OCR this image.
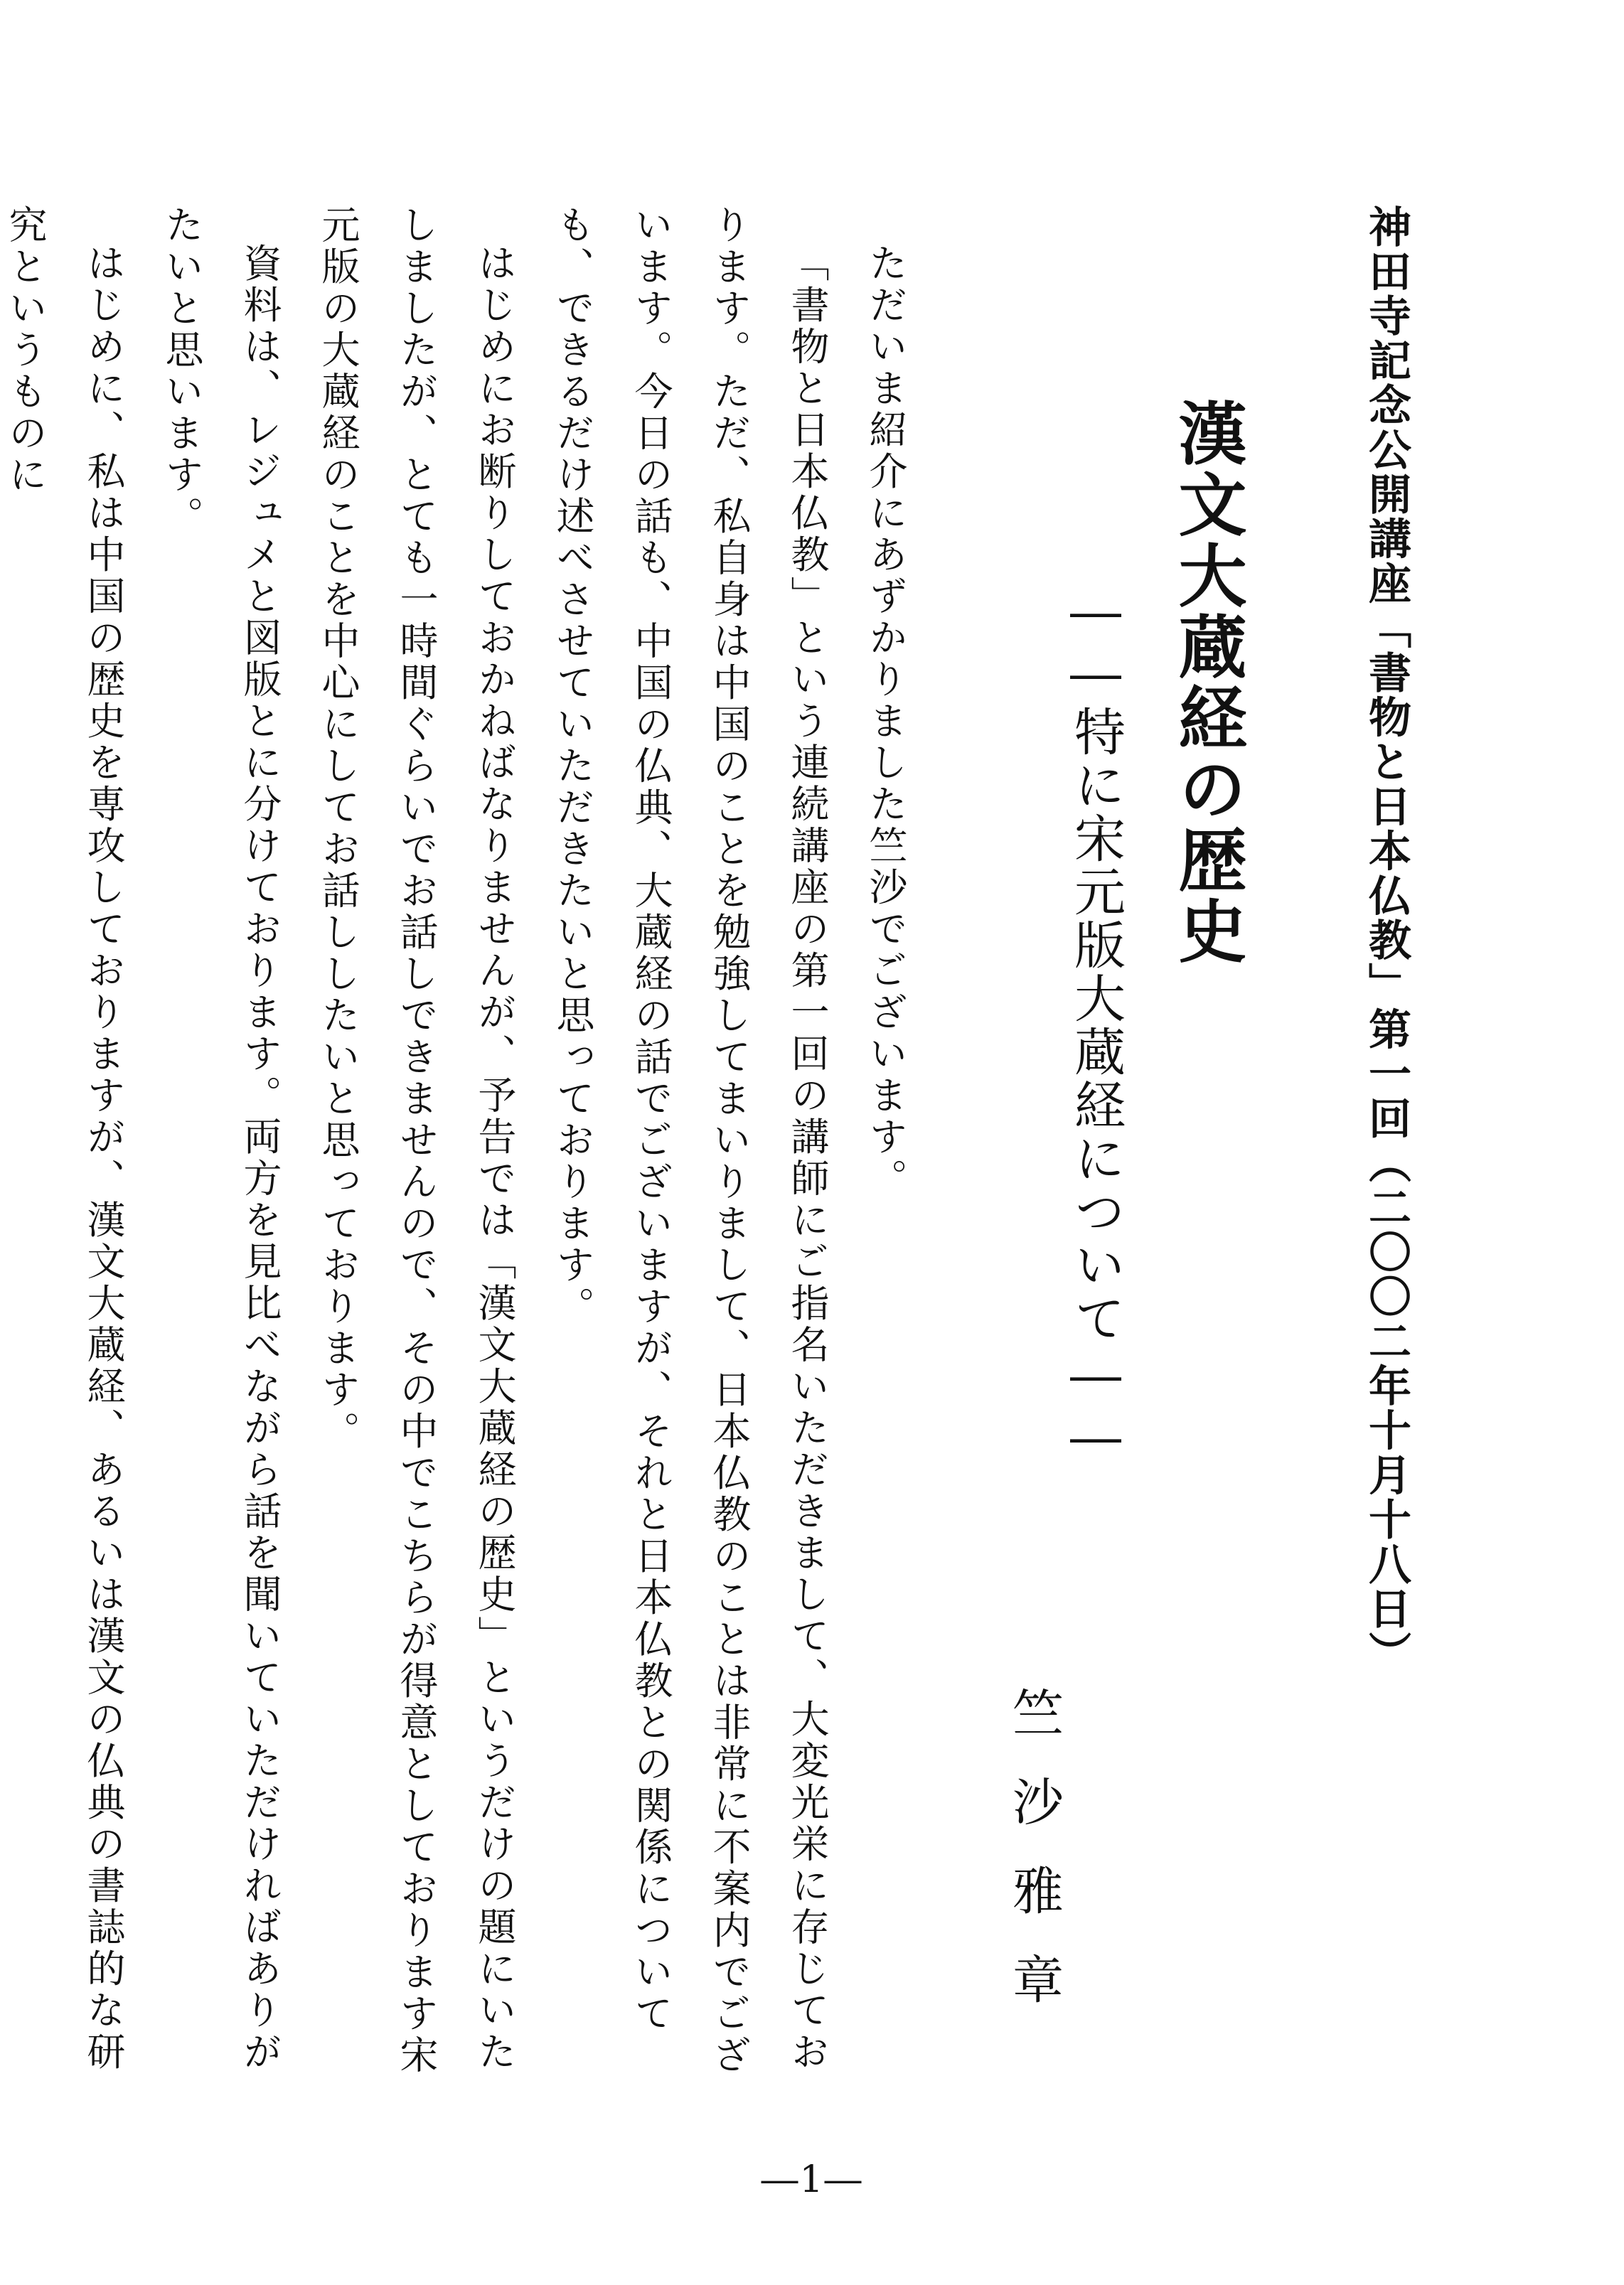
神田寺記念公開講座「書物と日本仏教」第一回（二〇〇二年十月十八日）
漢文大蔵経の歴史
――特に宋元版大蔵経について――
竺沙雅章

ただいま紹介にあずかりました竺沙でございます。

「書物と日本仏教」という連続講座の第一回の講師にご指名いただきまして、大変光栄に存じております。ただ、私自身は中国のことを勉強してまいりまして、日本仏教のことは非常に不案内でございます。今日の話も、中国の仏典、大蔵経の話でございますが、それと日本仏教との関係についても、できるだけ述べさせていただきたいと思っております。

はじめにお断りしておかねばなりませんが、予告では「漢文大蔵経の歴史」というだけの題にいたしましたが、とても一時間ぐらいでお話しできませんので、その中でこちらが得意としております宋元版の大蔵経のことを中心にしてお話ししたいと思っております。

資料は、レジュメと図版とに分けております。両方を見比べながら話を聞いていただければありがたいと思います。

はじめに、私は中国の歴史を専攻しておりますが、漢文大蔵経、あるいは漢文の仏典の書誌的な研究というものに

―1―
